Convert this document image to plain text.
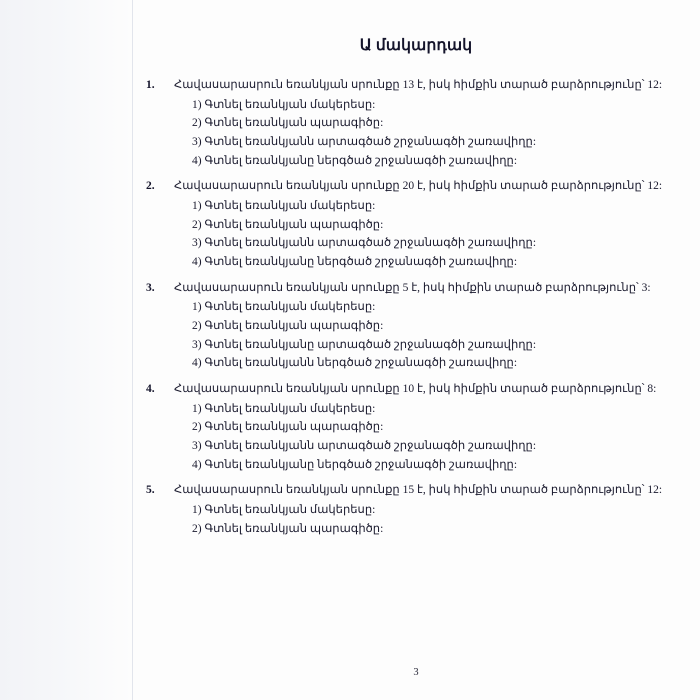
Ա մակարդակ
1.	Հավասարասրուն եռանկյան սրունքը 13 է, իսկ հիմքին տարած բարձրությունը՝ 12:
1) Գտնել եռանկյան մակերեսը:
2) Գտնել եռանկյան պարագիծը:
3) Գտնել եռանկյանն արտագծած շրջանագծի շառավիղը:
4) Գտնել եռանկյանը ներգծած շրջանագծի շառավիղը:
2.	Հավասարասրուն եռանկյան սրունքը 20 է, իսկ հիմքին տարած բարձրությունը՝ 12:
1) Գտնել եռանկյան մակերեսը:
2) Գտնել եռանկյան պարագիծը:
3) Գտնել եռանկյանն արտագծած շրջանագծի շառավիղը:
4) Գտնել եռանկյանը ներգծած շրջանագծի շառավիղը:
3.	Հավասարասրուն եռանկյան սրունքը 5 է, իսկ հիմքին տարած բարձրությունը՝ 3:
1) Գտնել եռանկյան մակերեսը:
2) Գտնել եռանկյան պարագիծը:
3) Գտնել եռանկյանը արտագծած շրջանագծի շառավիղը:
4) Գտնել եռանկյանն ներգծած շրջանագծի շառավիղը:
4.	Հավասարասրուն եռանկյան սրունքը 10 է, իսկ հիմքին տարած բարձրությունը՝ 8:
1) Գտնել եռանկյան մակերեսը:
2) Գտնել եռանկյան պարագիծը:
3) Գտնել եռանկյանն արտագծած շրջանագծի շառավիղը:
4) Գտնել եռանկյանը ներգծած շրջանագծի շառավիղը:
5.	Հավասարասրուն եռանկյան սրունքը 15 է, իսկ հիմքին տարած բարձրությունը՝ 12:
1) Գտնել եռանկյան մակերեսը:
2) Գտնել եռանկյան պարագիծը:
3
